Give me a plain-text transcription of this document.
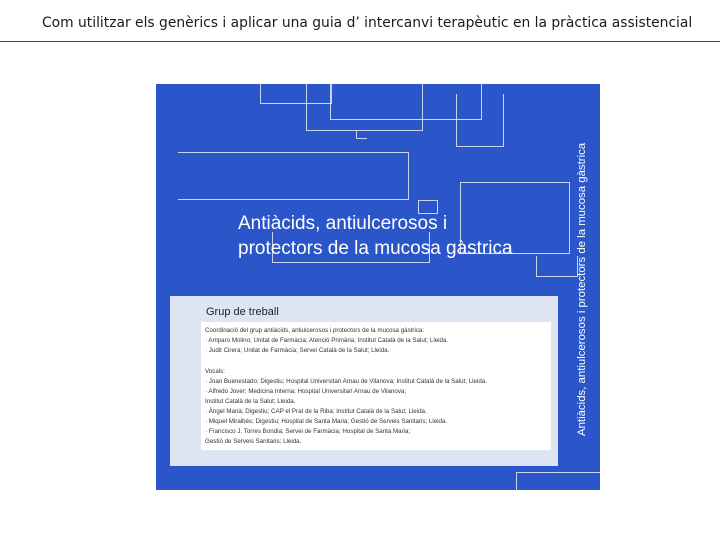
Com utilitzar els genèrics i aplicar una guia d’ intercanvi terapèutic en la pràctica assistencial
Antiàcids, antiulcerosos i
protectors de la mucosa gàstrica	Antiàcids, antiulcerosos i protectors de la mucosa gàstrica
Grup de treball
Coordinació del grup antiàcids, antiulcerosos i protectors de la mucosa gàstrica:
· Amparo Molino; Unitat de Farmàcia; Atenció Primària; Institut Català de la Salut; Lleida.
· Judit Cirera; Unitat de Farmàcia; Servei Català de la Salut; Lleida.
Vocals:
· Joan Buenestado; Digestiu; Hospital Universitari Arnau de Vilanova; Institut Català de la Salut; Lleida.
· Alfredo Jover; Medicina Interna; Hospital Universitari Arnau de Vilanova;
Institut Català de la Salut; Lleida.
· Àngel Marià; Digestiu; CAP el Prat de la Riba; Institut Català de la Salut; Lleida.
· Miquel Miralbés; Digestiu; Hospital de Santa Maria; Gestió de Serveis Sanitaris; Lleida.
· Francisco J. Torres Bondia; Servei de Farmàcia; Hospital de Santa Maria;
Gestió de Serveis Sanitaris; Lleida.
